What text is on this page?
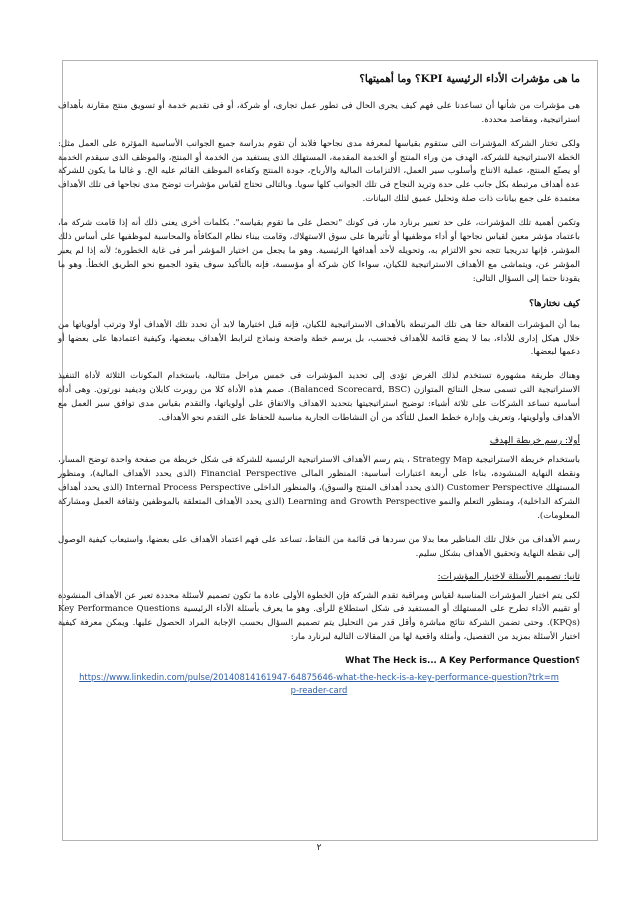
ما هى مؤشرات الأداء الرئيسية KPI؟ وما أهميتها؟

هى مؤشرات من شأنها أن تساعدنا على فهم كيف يجرى الحال فى تطور عمل تجارى، أو شركة، أو فى تقديم خدمة أو تسويق منتج مقارنة بأهداف استراتيجية، ومقاصد محددة.

ولكى تختار الشركة المؤشرات التى ستقوم بقياسها لمعرفة مدى نجاحها فلابد أن تقوم بدراسة جميع الجوانب الأساسية المؤثرة على العمل مثل: الخطة الاستراتيجية للشركة، الهدف من وراء المنتج أو الخدمة المقدمة، المستهلك الذى يستفيد من الخدمة أو المنتج، والموظف الذى سيقدم الخدمة أو يصنّع المنتج، عملية الانتاج وأسلوب سير العمل، الالتزامات المالية والأرباح، جودة المنتج وكفاءة الموظف القائم عليه الخ. و غالبا ما يكون للشركة عدة أهداف مرتبطة بكل جانب على حدة وتريد النجاح فى تلك الجوانب كلها سويا. وبالتالى تحتاج لقياس مؤشرات توضح مدى نجاحها فى تلك الأهداف معتمدة على جمع بيانات ذات صلة وتحليل عميق لتلك البيانات.

وتكمن أهمية تلك المؤشرات، على حد تعبير برنارد مار، فى كونك "تحصل على ما تقوم بقياسه". بكلمات أخرى يعنى ذلك أنه إذا قامت شركة ما، باعتماد مؤشر معين لقياس نجاحها أو أداء موظفيها أو تأثيرها على سوق الاستهلاك، وقامت ببناء نظام المكافأة والمحاسبة لموظفيها على أساس ذلك المؤشر، فإنها تدريجيا تتجه نحو الالتزام به، وتحويله لأحد أهدافها الرئيسية. وهو ما يجعل من اختيار المؤشر أمر فى غاية الخطورة؛ لأنه إذا لم يعبر المؤشر عن، ويتماشى مع الأهداف الاستراتيجية للكيان، سواءا كان شركة أو مؤسسة، فإنه بالتأكيد سوف يقود الجميع نحو الطريق الخطأ. وهو ما يقودنا حتما إلى السؤال التالى:

كيف نختارها؟

بما أن المؤشرات الفعالة حقا هى تلك المرتبطة بالأهداف الاستراتيجية للكيان، فإنه قبل اختيارها لابد أن تحدد تلك الأهداف أولا وترتب أولوياتها من خلال هيكل إدارى للأداء، بما لا يضع قائمة للأهداف فحسب، بل يرسم خطة واضحة ونماذج لترابط الأهداف ببعضها، وكيفية اعتمادها على بعضها أو دعمها لبعضها.

وهناك طريقة مشهورة تستخدم لذلك الغرض تؤدى إلى تحديد المؤشرات فى خمس مراحل متتالية، باستخدام المكونات الثلاثة لأداة التنفيذ الاستراتيجية التى تسمى سجل النتائج المتوازن (Balanced Scorecard, BSC). صمم هذه الأداة كلا من روبرت كابلان وديفيد نورتون. وهى أداة أساسية تساعد الشركات على ثلاثة أشياء: توضيح استراتيجيتها بتحديد الاهداف والاتفاق على أولوياتها، والتقدم بقياس مدى توافق سير العمل مع الأهداف وأولويتها، وتعريف وإدارة خطط العمل للتأكد من أن النشاطات الجارية مناسبة للحفاظ على التقدم نحو الأهداف.

أولا: رسم خريطة الهدف

باستخدام خريطة الاستراتيجية Strategy Map ، يتم رسم الأهداف الاستراتيجية الرئيسية للشركة فى شكل خريطة من صفحة واحدة توضح المسار، ونقطة النهاية المنشودة، بناءا على أربعة اعتبارات أساسية: المنظور المالى Financial Perspective (الذى يحدد الأهداف المالية)، ومنظور المستهلك Customer Perspective (الذى يحدد أهداف المنتج والسوق)، والمنظور الداخلى Internal Process Perspective (الذى يحدد أهداف الشركة الداخلية)، ومنظور التعلم والنمو Learning and Growth Perspective (الذى يحدد الأهداف المتعلقة بالموظفين وثقافة العمل ومشاركة المعلومات).

رسم الأهداف من خلال تلك المناظير معا بدلا من سردها فى قائمة من النقاط، تساعد على فهم اعتماد الأهداف على بعضها، واستيعاب كيفية الوصول إلى نقطة النهاية وتحقيق الأهداف بشكل سليم.

ثانيا: تصميم الأسئلة لاختيار المؤشرات:

لكى يتم اختيار المؤشرات المناسبة لقياس ومراقبة تقدم الشركة فإن الخطوة الأولى عادة ما تكون تصميم لأسئلة محددة تعبر عن الأهداف المنشودة أو تقييم الأداء تطرح على المستهلك أو المستفيد فى شكل استطلاع للرأى. وهو ما يعرف بأسئلة الأداء الرئيسية Key Performance Questions (KPQs). وحتى تضمن الشركة نتائج مباشرة وأقل قدر من التحليل يتم تصميم السؤال بحسب الإجابة المراد الحصول عليها. ويمكن معرفة كيفية اختيار الأسئلة بمزيد من التفصيل، وأمثلة واقعية لها من المقالات التالية لبرنارد مار:

What The Heck is... A Key Performance Question؟
https://www.linkedin.com/pulse/20140814161947-64875646-what-the-heck-is-a-key-performance-question?trk=mp-reader-card
٢
